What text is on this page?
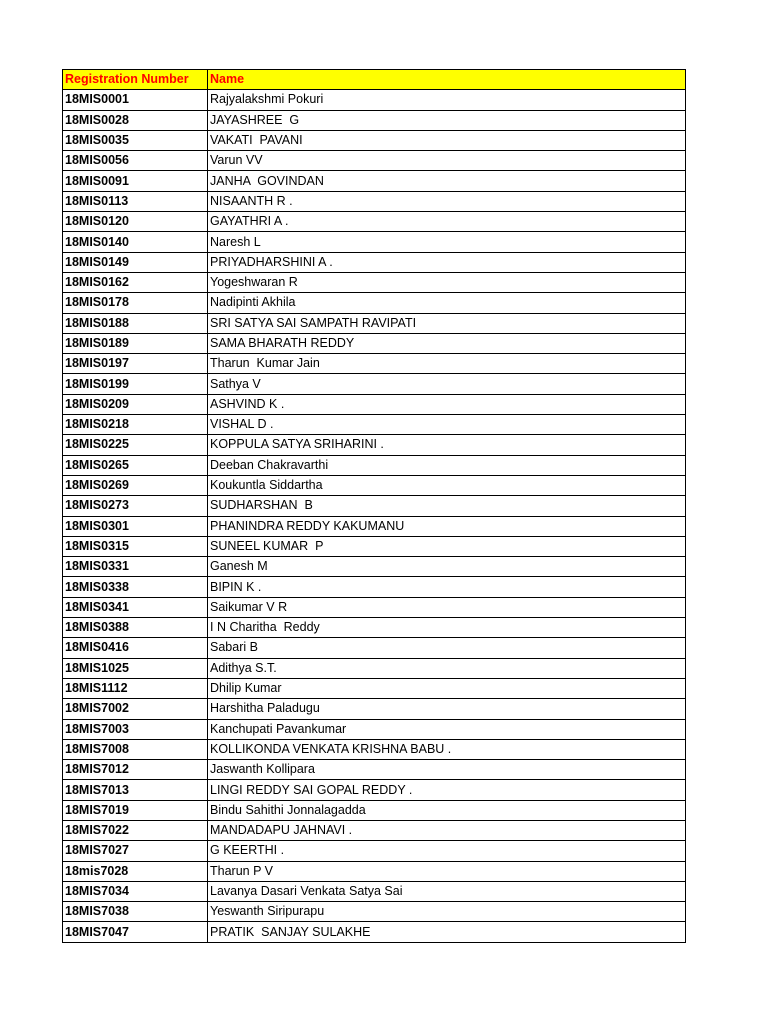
Registration Number	Name
18MIS0001	Rajyalakshmi Pokuri
18MIS0028	JAYASHREE  G
18MIS0035	VAKATI  PAVANI
18MIS0056	Varun VV
18MIS0091	JANHA  GOVINDAN
18MIS0113	NISAANTH R .
18MIS0120	GAYATHRI A .
18MIS0140	Naresh L
18MIS0149	PRIYADHARSHINI A .
18MIS0162	Yogeshwaran R
18MIS0178	Nadipinti Akhila
18MIS0188	SRI SATYA SAI SAMPATH RAVIPATI
18MIS0189	SAMA BHARATH REDDY
18MIS0197	Tharun  Kumar Jain
18MIS0199	Sathya V
18MIS0209	ASHVIND K .
18MIS0218	VISHAL D .
18MIS0225	KOPPULA SATYA SRIHARINI .
18MIS0265	Deeban Chakravarthi
18MIS0269	Koukuntla Siddartha
18MIS0273	SUDHARSHAN  B
18MIS0301	PHANINDRA REDDY KAKUMANU
18MIS0315	SUNEEL KUMAR  P
18MIS0331	Ganesh M
18MIS0338	BIPIN K .
18MIS0341	Saikumar V R
18MIS0388	I N Charitha  Reddy
18MIS0416	Sabari B
18MIS1025	Adithya S.T.
18MIS1112	Dhilip Kumar
18MIS7002	Harshitha Paladugu
18MIS7003	Kanchupati Pavankumar
18MIS7008	KOLLIKONDA VENKATA KRISHNA BABU .
18MIS7012	Jaswanth Kollipara
18MIS7013	LINGI REDDY SAI GOPAL REDDY .
18MIS7019	Bindu Sahithi Jonnalagadda
18MIS7022	MANDADAPU JAHNAVI .
18MIS7027	G KEERTHI .
18mis7028	Tharun P V
18MIS7034	Lavanya Dasari Venkata Satya Sai
18MIS7038	Yeswanth Siripurapu
18MIS7047	PRATIK  SANJAY SULAKHE
